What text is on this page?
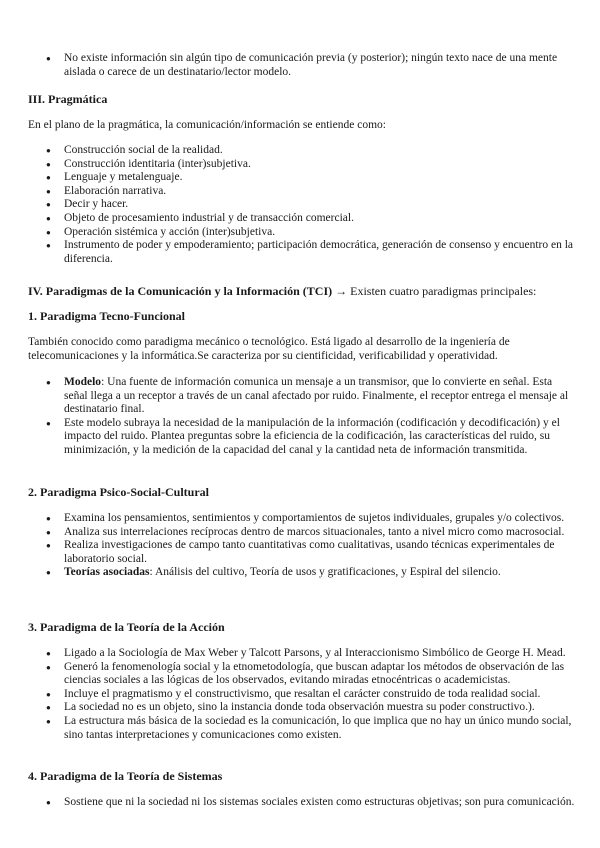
● No existe información sin algún tipo de comunicación previa (y posterior); ningún texto nace de una mente aislada o carece de un destinatario/lector modelo.
III. Pragmática

En el plano de la pragmática, la comunicación/información se entiende como:

● Construcción social de la realidad.
● Construcción identitaria (inter)subjetiva.
● Lenguaje y metalenguaje.
● Elaboración narrativa.
● Decir y hacer.
● Objeto de procesamiento industrial y de transacción comercial.
● Operación sistémica y acción (inter)subjetiva.
● Instrumento de poder y empoderamiento; participación democrática, generación de consenso y encuentro en la diferencia.
IV. Paradigmas de la Comunicación y la Información (TCI) → Existen cuatro paradigmas principales:
1. Paradigma Tecno-Funcional

También conocido como paradigma mecánico o tecnológico. Está ligado al desarrollo de la ingeniería de telecomunicaciones y la informática.Se caracteriza por su cientificidad, verificabilidad y operatividad.

● Modelo: Una fuente de información comunica un mensaje a un transmisor, que lo convierte en señal. Esta señal llega a un receptor a través de un canal afectado por ruido. Finalmente, el receptor entrega el mensaje al destinatario final.
● Este modelo subraya la necesidad de la manipulación de la información (codificación y decodificación) y el impacto del ruido. Plantea preguntas sobre la eficiencia de la codificación, las características del ruido, su minimización, y la medición de la capacidad del canal y la cantidad neta de información transmitida.
2. Paradigma Psico-Social-Cultural
● Examina los pensamientos, sentimientos y comportamientos de sujetos individuales, grupales y/o colectivos.
● Analiza sus interrelaciones recíprocas dentro de marcos situacionales, tanto a nivel micro como macrosocial.
● Realiza investigaciones de campo tanto cuantitativas como cualitativas, usando técnicas experimentales de laboratorio social.
● Teorías asociadas: Análisis del cultivo, Teoría de usos y gratificaciones, y Espiral del silencio.
3. Paradigma de la Teoría de la Acción
● Ligado a la Sociología de Max Weber y Talcott Parsons, y al Interaccionismo Simbólico de George H. Mead.
● Generó la fenomenología social y la etnometodología, que buscan adaptar los métodos de observación de las ciencias sociales a las lógicas de los observados, evitando miradas etnocéntricas o academicistas.
● Incluye el pragmatismo y el constructivismo, que resaltan el carácter construido de toda realidad social.
● La sociedad no es un objeto, sino la instancia donde toda observación muestra su poder constructivo.).
● La estructura más básica de la sociedad es la comunicación, lo que implica que no hay un único mundo social, sino tantas interpretaciones y comunicaciones como existen.
4. Paradigma de la Teoría de Sistemas
● Sostiene que ni la sociedad ni los sistemas sociales existen como estructuras objetivas; son pura comunicación.
